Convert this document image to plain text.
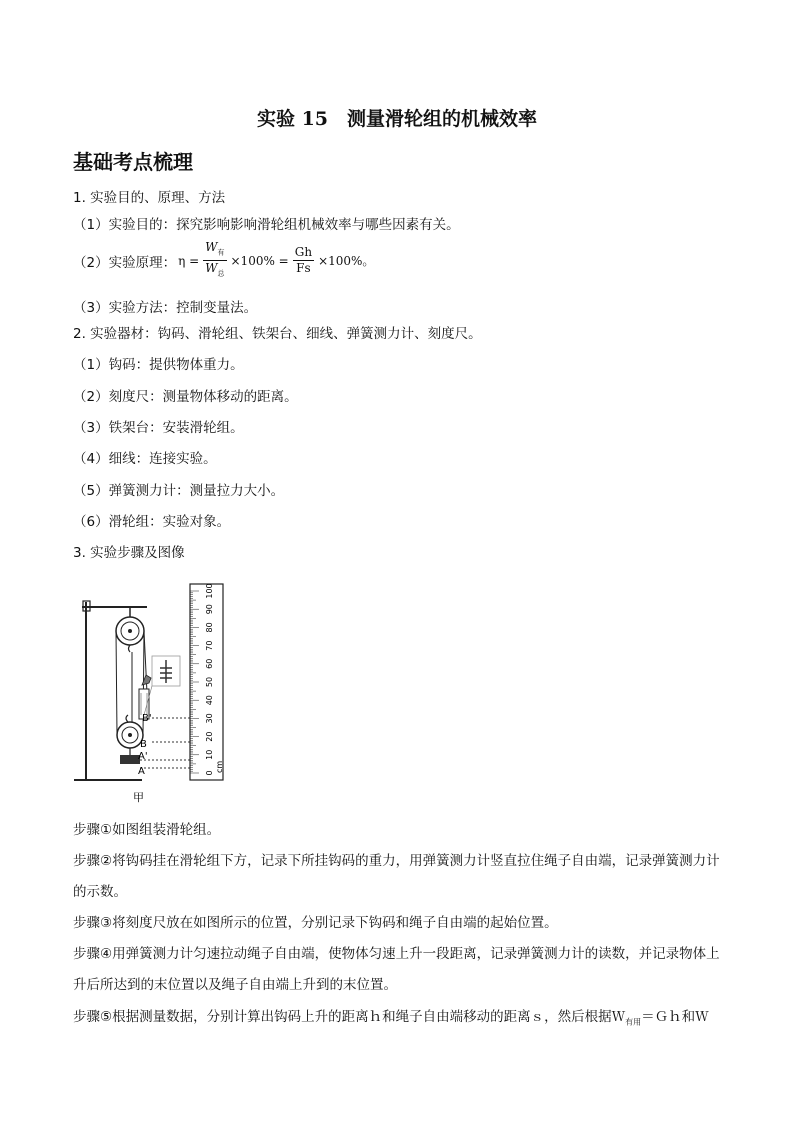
实验 15　测量滑轮组的机械效率
基础考点梳理
1. 实验目的、原理、方法
（1）实验目的：探究影响影响滑轮组机械效率与哪些因素有关。
（2）实验原理： $\eta = \frac{W_有}{W_总} \times 100\% = \frac{Gh}{Fs} \times 100\%$。
（3）实验方法：控制变量法。
2. 实验器材：钩码、滑轮组、铁架台、细线、弹簧测力计、刻度尺。
（1）钩码：提供物体重力。
（2）刻度尺：测量物体移动的距离。
（3）铁架台：安装滑轮组。
（4）细线：连接实验。
（5）弹簧测力计：测量拉力大小。
（6）滑轮组：实验对象。
3. 实验步骤及图像
B'
B
A'
A
100
90
80
70
60
50
40
30
20
10
0 cm
甲
步骤①如图组装滑轮组。
步骤②将钩码挂在滑轮组下方，记录下所挂钩码的重力，用弹簧测力计竖直拉住绳子自由端，记录弹簧测力计的示数。
步骤③将刻度尺放在如图所示的位置，分别记录下钩码和绳子自由端的起始位置。
步骤④用弹簧测力计匀速拉动绳子自由端，使物体匀速上升一段距离，记录弹簧测力计的读数，并记录物体上升后所达到的末位置以及绳子自由端上升到的末位置。
步骤⑤根据测量数据，分别计算出钩码上升的距离ｈ和绳子自由端移动的距离ｓ，然后根据Ｗ$_{有用}$＝Ｇｈ和Ｗ
